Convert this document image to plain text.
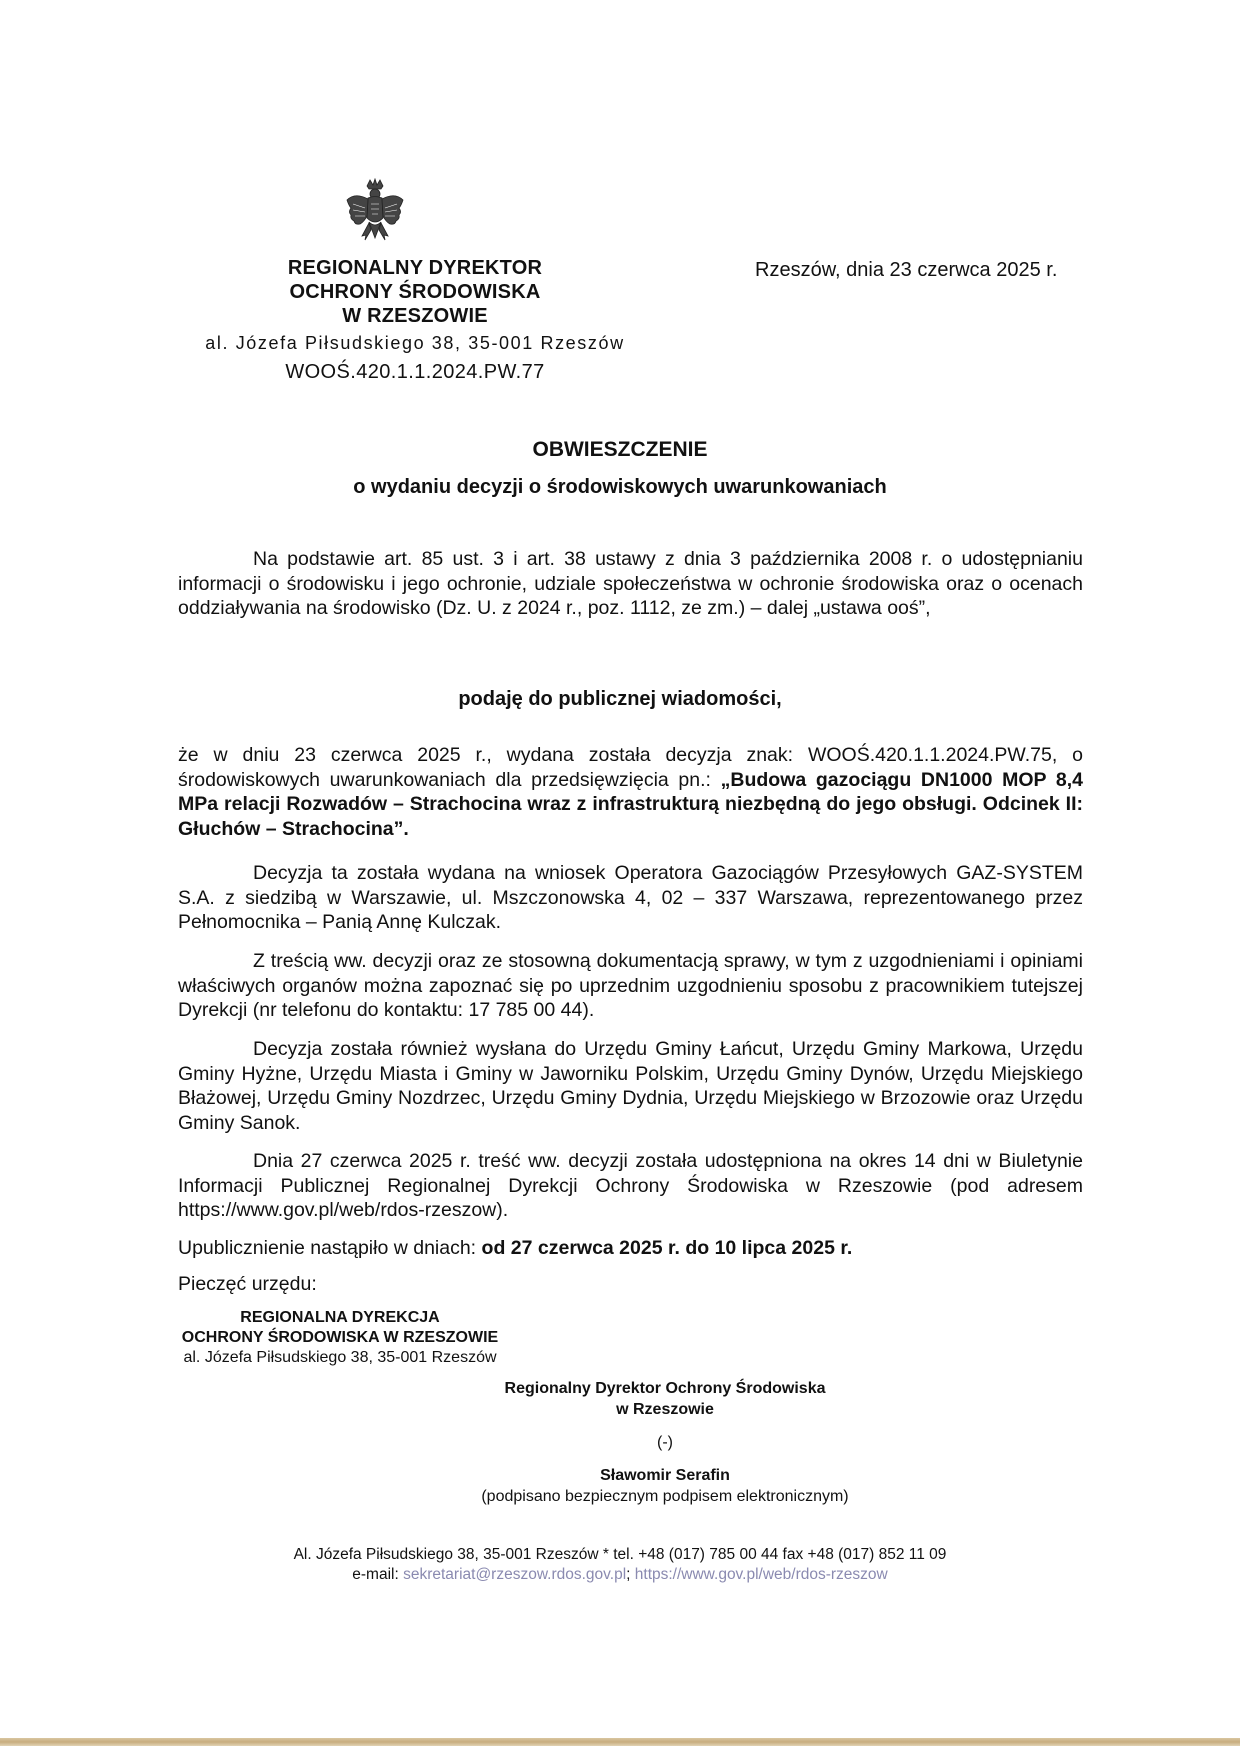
REGIONALNY DYREKTOR
OCHRONY ŚRODOWISKA
W RZESZOWIE
al. Józefa Piłsudskiego 38, 35-001 Rzeszów
WOOŚ.420.1.1.2024.PW.77
Rzeszów, dnia 23 czerwca 2025 r.
OBWIESZCZENIE
o wydaniu decyzji o środowiskowych uwarunkowaniach
Na podstawie art. 85 ust. 3 i art. 38 ustawy z dnia 3 października 2008 r. o udostępnianiu informacji o środowisku i jego ochronie, udziale społeczeństwa w ochronie środowiska oraz o ocenach oddziaływania na środowisko (Dz. U. z 2024 r., poz. 1112, ze zm.) – dalej „ustawa ooś”,
podaję do publicznej wiadomości,
że w dniu 23 czerwca 2025 r., wydana została decyzja znak: WOOŚ.420.1.1.2024.PW.75, o środowiskowych uwarunkowaniach dla przedsięwzięcia pn.: „Budowa gazociągu DN1000 MOP 8,4 MPa relacji Rozwadów – Strachocina wraz z infrastrukturą niezbędną do jego obsługi. Odcinek II: Głuchów – Strachocina”.
Decyzja ta została wydana na wniosek Operatora Gazociągów Przesyłowych GAZ-SYSTEM S.A. z siedzibą w Warszawie, ul. Mszczonowska 4, 02 – 337 Warszawa, reprezentowanego przez Pełnomocnika – Panią Annę Kulczak.
Z treścią ww. decyzji oraz ze stosowną dokumentacją sprawy, w tym z uzgodnieniami i opiniami właściwych organów można zapoznać się po uprzednim uzgodnieniu sposobu z pracownikiem tutejszej Dyrekcji (nr telefonu do kontaktu: 17 785 00 44).
Decyzja została również wysłana do Urzędu Gminy Łańcut, Urzędu Gminy Markowa, Urzędu Gminy Hyżne, Urzędu Miasta i Gminy w Jaworniku Polskim, Urzędu Gminy Dynów, Urzędu Miejskiego Błażowej, Urzędu Gminy Nozdrzec, Urzędu Gminy Dydnia, Urzędu Miejskiego w Brzozowie oraz Urzędu Gminy Sanok.
Dnia 27 czerwca 2025 r. treść ww. decyzji została udostępniona na okres 14 dni w Biuletynie Informacji Publicznej Regionalnej Dyrekcji Ochrony Środowiska w Rzeszowie (pod adresem https://www.gov.pl/web/rdos-rzeszow).
Upublicznienie nastąpiło w dniach: od 27 czerwca 2025 r. do 10 lipca 2025 r.
Pieczęć urzędu:
REGIONALNA DYREKCJA
OCHRONY ŚRODOWISKA W RZESZOWIE
al. Józefa Piłsudskiego 38, 35-001 Rzeszów
Regionalny Dyrektor Ochrony Środowiska
w Rzeszowie
(-)
Sławomir Serafin
(podpisano bezpiecznym podpisem elektronicznym)
Al. Józefa Piłsudskiego 38, 35-001 Rzeszów * tel. +48 (017) 785 00 44 fax +48 (017) 852 11 09
e-mail: sekretariat@rzeszow.rdos.gov.pl; https://www.gov.pl/web/rdos-rzeszow
